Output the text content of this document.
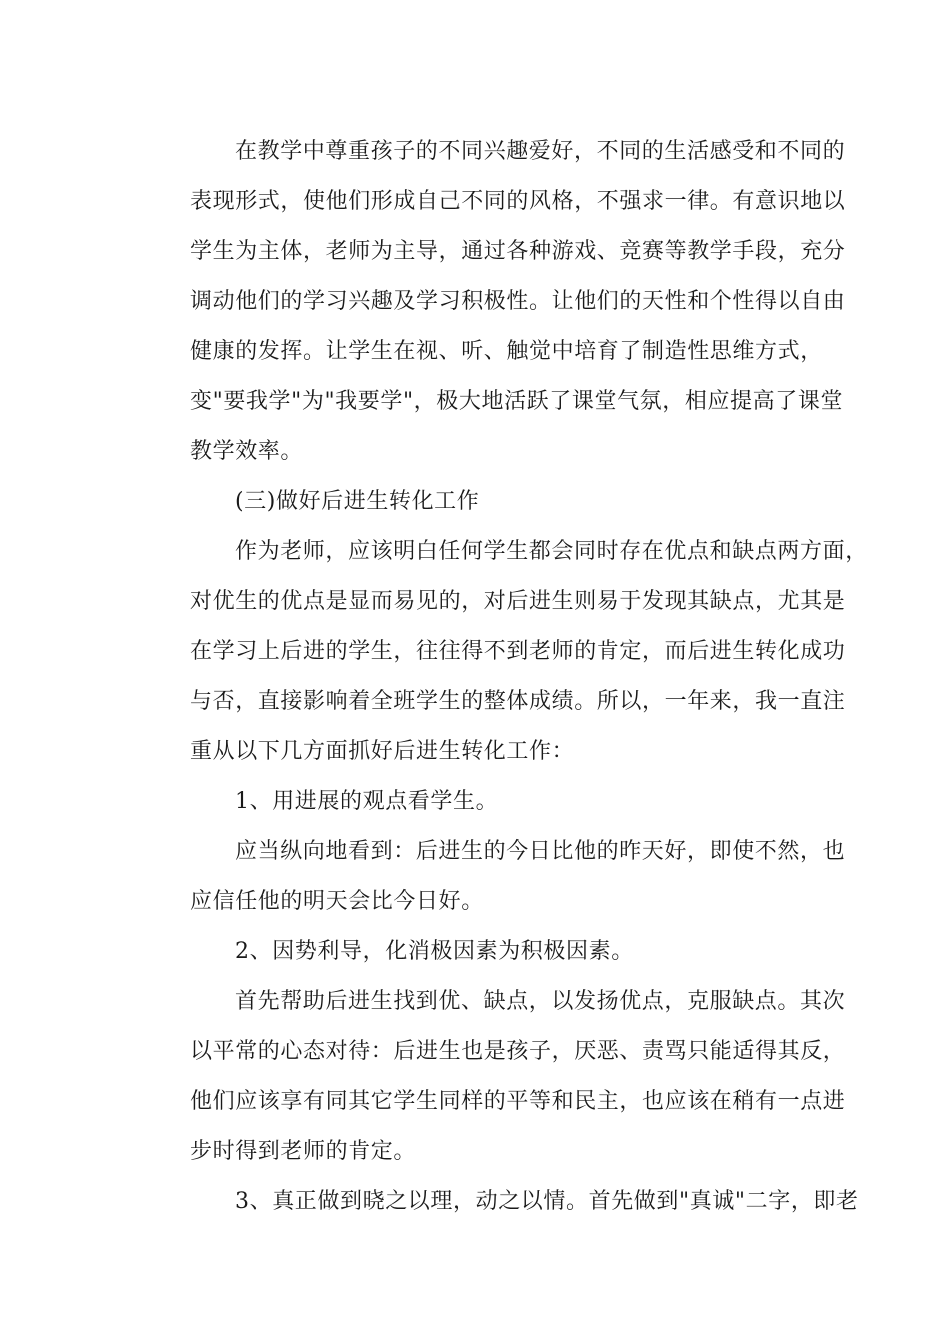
在教学中尊重孩子的不同兴趣爱好，不同的生活感受和不同的
表现形式，使他们形成自己不同的风格，不强求一律。有意识地以
学生为主体，老师为主导，通过各种游戏、竞赛等教学手段，充分
调动他们的学习兴趣及学习积极性。让他们的天性和个性得以自由
健康的发挥。让学生在视、听、触觉中培育了制造性思维方式，
变"要我学"为"我要学"，极大地活跃了课堂气氛，相应提高了课堂
教学效率。
(三)做好后进生转化工作
作为老师，应该明白任何学生都会同时存在优点和缺点两方面，
对优生的优点是显而易见的，对后进生则易于发现其缺点，尤其是
在学习上后进的学生，往往得不到老师的肯定，而后进生转化成功
与否，直接影响着全班学生的整体成绩。所以，一年来，我一直注
重从以下几方面抓好后进生转化工作：
1、用进展的观点看学生。
应当纵向地看到：后进生的今日比他的昨天好，即使不然，也
应信任他的明天会比今日好。
2、因势利导，化消极因素为积极因素。
首先帮助后进生找到优、缺点，以发扬优点，克服缺点。其次
以平常的心态对待：后进生也是孩子，厌恶、责骂只能适得其反，
他们应该享有同其它学生同样的平等和民主，也应该在稍有一点进
步时得到老师的肯定。
3、真正做到晓之以理，动之以情。首先做到"真诚"二字，即老
